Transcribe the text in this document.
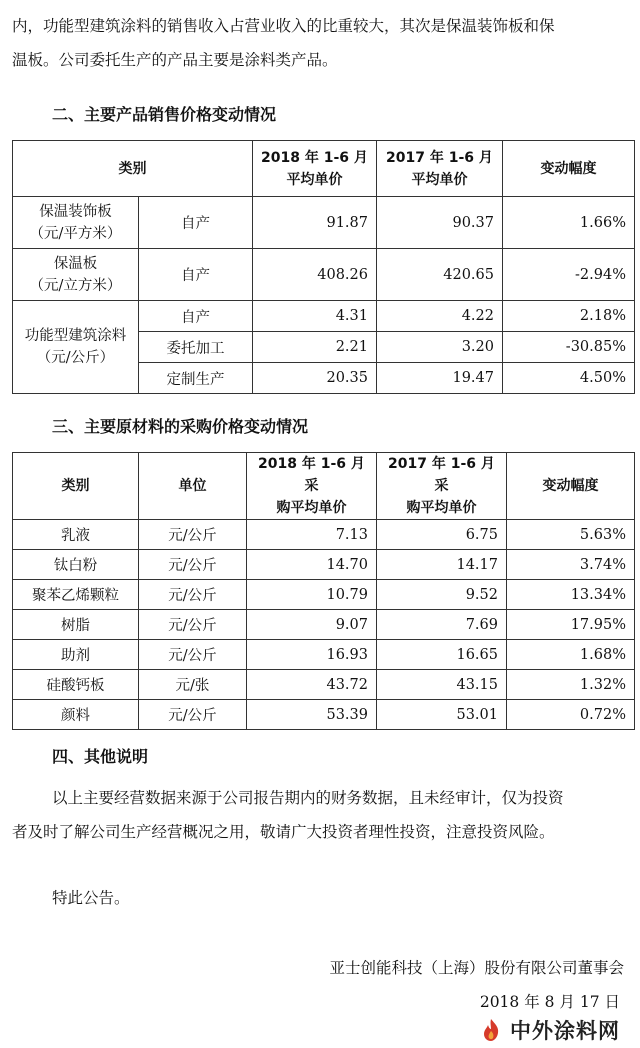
内，功能型建筑涂料的销售收入占营业收入的比重较大，其次是保温装饰板和保
温板。公司委托生产的产品主要是涂料类产品。
二、主要产品销售价格变动情况
类别		2018 年 1-6 月
平均单价	2017 年 1-6 月
平均单价	变动幅度
保温装饰板
（元/平方米）	自产	91.87	90.37	1.66%
保温板
（元/立方米）	自产	408.26	420.65	-2.94%
功能型建筑涂料
（元/公斤）	自产	4.31	4.22	2.18%
	委托加工	2.21	3.20	-30.85%
	定制生产	20.35	19.47	4.50%
三、主要原材料的采购价格变动情况
类别	单位	2018 年 1-6 月采
购平均单价	2017 年 1-6 月采
购平均单价	变动幅度
乳液	元/公斤	7.13	6.75	5.63%
钛白粉	元/公斤	14.70	14.17	3.74%
聚苯乙烯颗粒	元/公斤	10.79	9.52	13.34%
树脂	元/公斤	9.07	7.69	17.95%
助剂	元/公斤	16.93	16.65	1.68%
硅酸钙板	元/张	43.72	43.15	1.32%
颜料	元/公斤	53.39	53.01	0.72%
四、其他说明
以上主要经营数据来源于公司报告期内的财务数据，且未经审计，仅为投资
者及时了解公司生产经营概况之用，敬请广大投资者理性投资，注意投资风险。
特此公告。
亚士创能科技（上海）股份有限公司董事会
2018 年 8 月 17 日
中外涂料网
